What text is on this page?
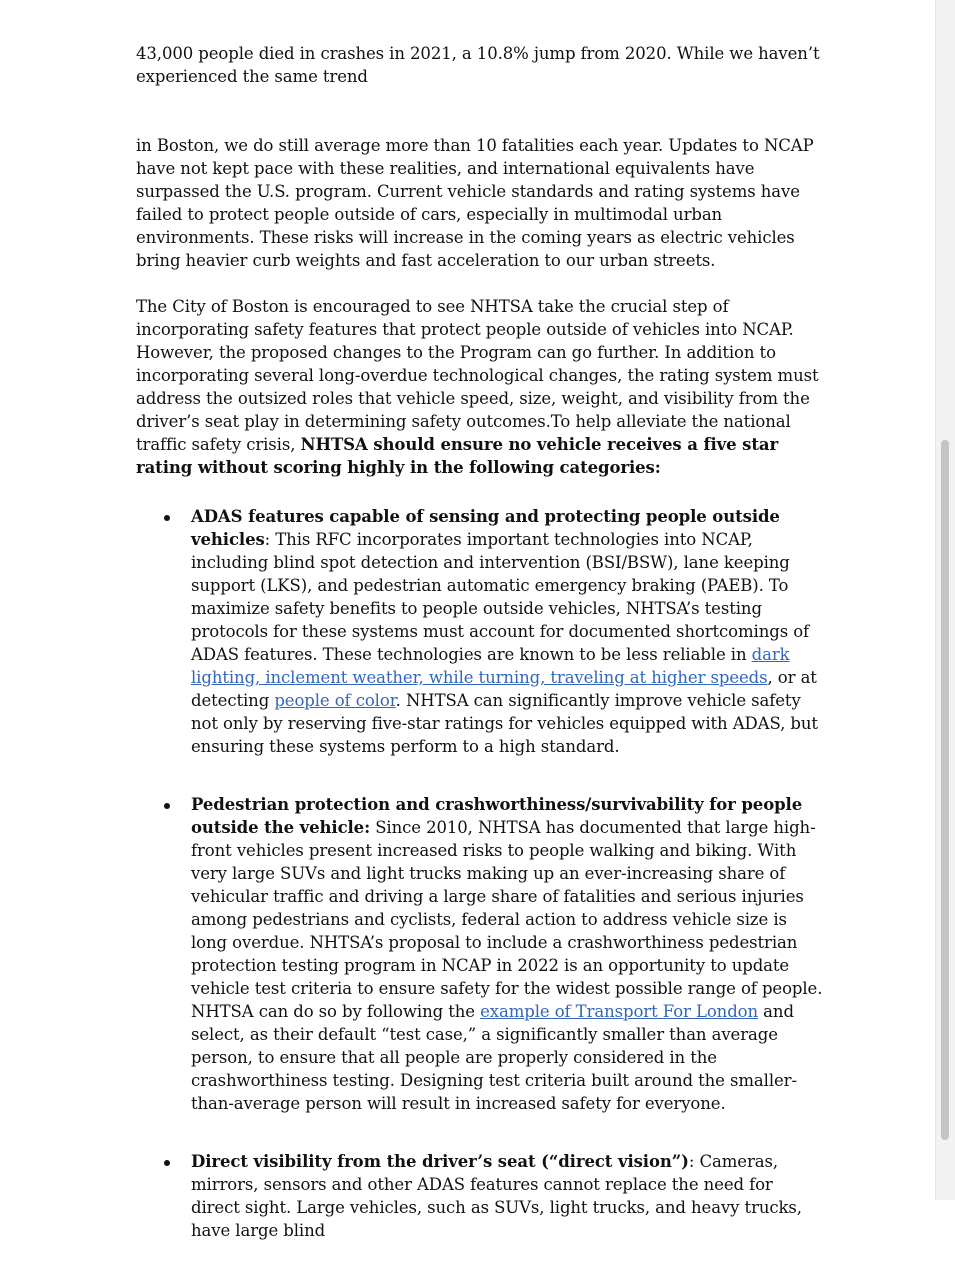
43,000 people died in crashes in 2021, a 10.8% jump from 2020. While we haven’t experienced the same trend

in Boston, we do still average more than 10 fatalities each year. Updates to NCAP have not kept pace with these realities, and international equivalents have surpassed the U.S. program. Current vehicle standards and rating systems have failed to protect people outside of cars, especially in multimodal urban environments. These risks will increase in the coming years as electric vehicles bring heavier curb weights and fast acceleration to our urban streets.

The City of Boston is encouraged to see NHTSA take the crucial step of incorporating safety features that protect people outside of vehicles into NCAP. However, the proposed changes to the Program can go further. In addition to incorporating several long-overdue technological changes, the rating system must address the outsized roles that vehicle speed, size, weight, and visibility from the driver’s seat play in determining safety outcomes.To help alleviate the national traffic safety crisis, NHTSA should ensure no vehicle receives a five star rating without scoring highly in the following categories:

ADAS features capable of sensing and protecting people outside vehicles: This RFC incorporates important technologies into NCAP, including blind spot detection and intervention (BSI/BSW), lane keeping support (LKS), and pedestrian automatic emergency braking (PAEB). To maximize safety benefits to people outside vehicles, NHTSA’s testing protocols for these systems must account for documented shortcomings of ADAS features. These technologies are known to be less reliable in dark lighting, inclement weather, while turning, traveling at higher speeds, or at detecting people of color. NHTSA can significantly improve vehicle safety not only by reserving five-star ratings for vehicles equipped with ADAS, but ensuring these systems perform to a high standard.
Pedestrian protection and crashworthiness/survivability for people outside the vehicle: Since 2010, NHTSA has documented that large high-front vehicles present increased risks to people walking and biking. With very large SUVs and light trucks making up an ever-increasing share of vehicular traffic and driving a large share of fatalities and serious injuries among pedestrians and cyclists, federal action to address vehicle size is long overdue. NHTSA’s proposal to include a crashworthiness pedestrian protection testing program in NCAP in 2022 is an opportunity to update vehicle test criteria to ensure safety for the widest possible range of people. NHTSA can do so by following the example of Transport For London and select, as their default “test case,” a significantly smaller than average person, to ensure that all people are properly considered in the crashworthiness testing. Designing test criteria built around the smaller-than-average person will result in increased safety for everyone.
Direct visibility from the driver’s seat (“direct vision”): Cameras, mirrors, sensors and other ADAS features cannot replace the need for direct sight. Large vehicles, such as SUVs, light trucks, and heavy trucks, have large blind
